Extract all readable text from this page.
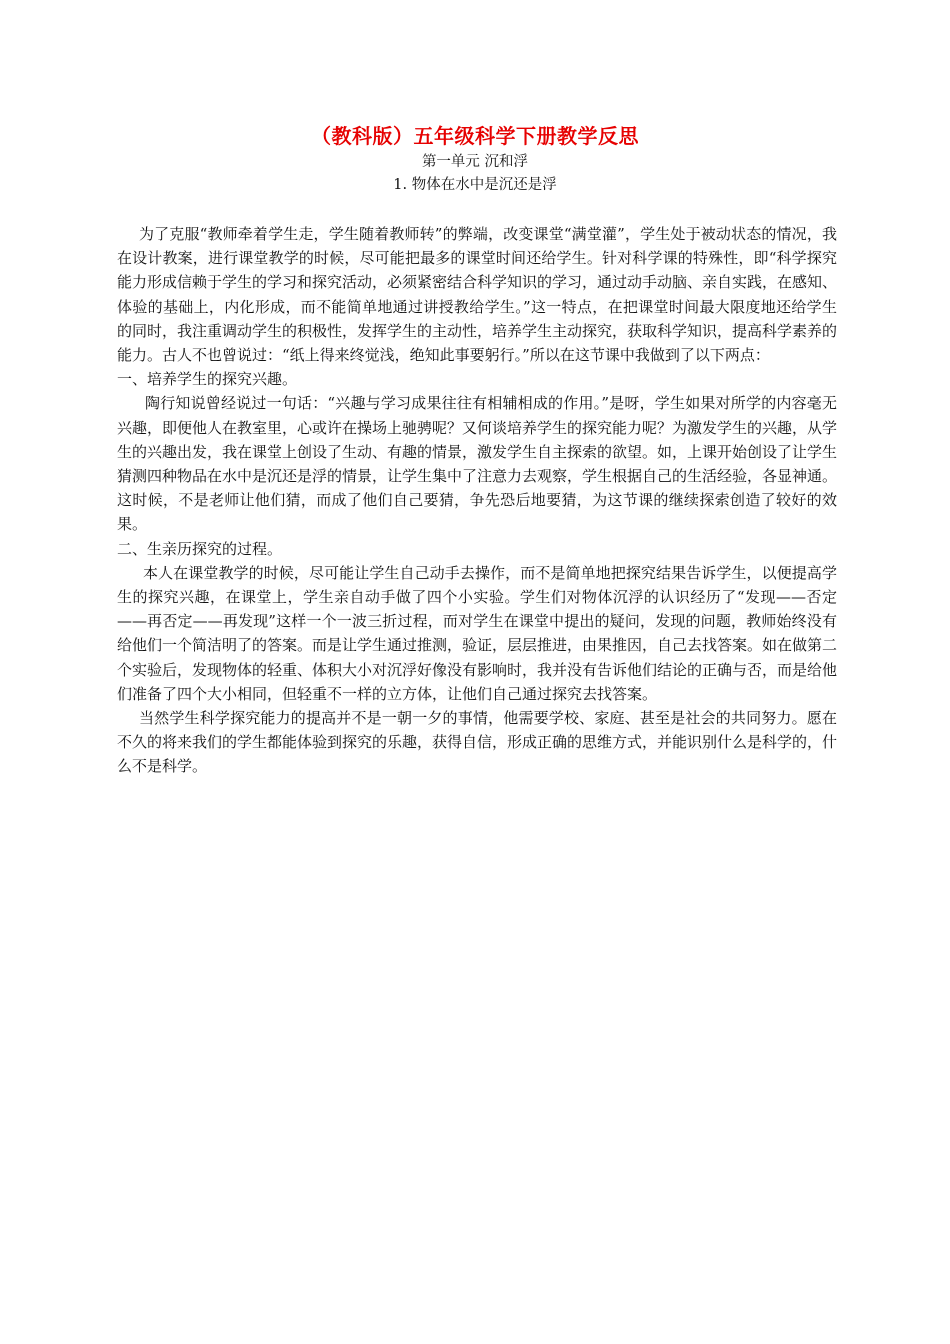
（教科版）五年级科学下册教学反思
第一单元 沉和浮
1. 物体在水中是沉还是浮

为了克服“教师牵着学生走，学生随着教师转”的弊端，改变课堂“满堂灌”，学生处于被动状态的情况，我在设计教案，进行课堂教学的时候，尽可能把最多的课堂时间还给学生。针对科学课的特殊性，即“科学探究能力形成信赖于学生的学习和探究活动，必须紧密结合科学知识的学习，通过动手动脑、亲自实践，在感知、体验的基础上，内化形成，而不能简单地通过讲授教给学生。”这一特点，在把课堂时间最大限度地还给学生的同时，我注重调动学生的积极性，发挥学生的主动性，培养学生主动探究，获取科学知识，提高科学素养的能力。古人不也曾说过：“纸上得来终觉浅，绝知此事要躬行。”所以在这节课中我做到了以下两点：

一、培养学生的探究兴趣。

陶行知说曾经说过一句话：“兴趣与学习成果往往有相辅相成的作用。”是呀，学生如果对所学的内容毫无兴趣，即便他人在教室里，心或许在操场上驰骋呢？又何谈培养学生的探究能力呢？为激发学生的兴趣，从学生的兴趣出发，我在课堂上创设了生动、有趣的情景，激发学生自主探索的欲望。如，上课开始创设了让学生猜测四种物品在水中是沉还是浮的情景，让学生集中了注意力去观察，学生根据自己的生活经验，各显神通。这时候，不是老师让他们猜，而成了他们自己要猜，争先恐后地要猜，为这节课的继续探索创造了较好的效果。

二、生亲历探究的过程。

本人在课堂教学的时候，尽可能让学生自己动手去操作，而不是简单地把探究结果告诉学生，以便提高学生的探究兴趣，在课堂上，学生亲自动手做了四个小实验。学生们对物体沉浮的认识经历了“发现——否定——再否定——再发现”这样一个一波三折过程，而对学生在课堂中提出的疑问，发现的问题，教师始终没有给他们一个简洁明了的答案。而是让学生通过推测，验证，层层推进，由果推因，自己去找答案。如在做第二个实验后，发现物体的轻重、体积大小对沉浮好像没有影响时，我并没有告诉他们结论的正确与否，而是给他们准备了四个大小相同，但轻重不一样的立方体，让他们自己通过探究去找答案。

当然学生科学探究能力的提高并不是一朝一夕的事情，他需要学校、家庭、甚至是社会的共同努力。愿在不久的将来我们的学生都能体验到探究的乐趣，获得自信，形成正确的思维方式，并能识别什么是科学的，什么不是科学。
